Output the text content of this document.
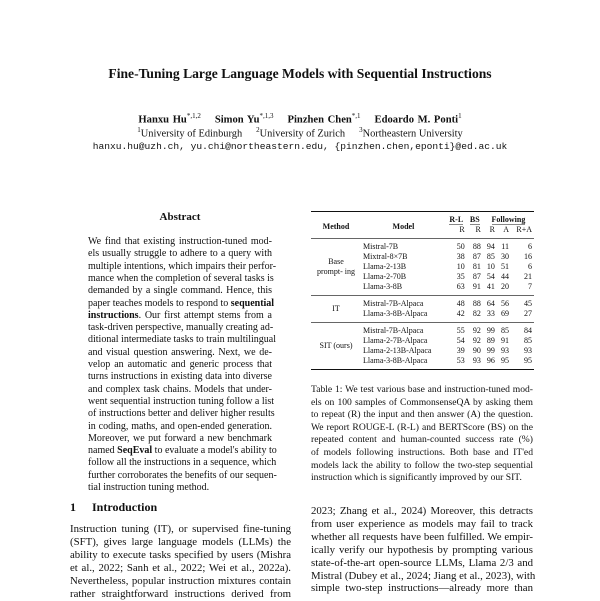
Fine-Tuning Large Language Models with Sequential Instructions
Hanxu $Hu^{*,1,2}$ Simon $Yu^{*,1,3}$ Pinzhen Chen$^{*,1}$ Edoardo M. Ponti$^1$
$^1$University of Edinburgh $^2$University of Zurich $^3$Northeastern University
hanxu.hu@uzh.ch, yu.chi@northeastern.edu, {pinzhen.chen,eponti}@ed.ac.uk
Abstract
We find that existing instruction-tuned mod-
els usually struggle to adhere to a query with
multiple intentions, which impairs their perfor-
mance when the completion of several tasks is
demanded by a single command. Hence, this
paper teaches models to respond to sequential
instructions. Our first attempt stems from a
task-driven perspective, manually creating ad-
ditional intermediate tasks to train multilingual
and visual question answering. Next, we de-
velop an automatic and generic process that
turns instructions in existing data into diverse
and complex task chains. Models that under-
went sequential instruction tuning follow a list
of instructions better and deliver higher results
in coding, maths, and open-ended generation.
Moreover, we put forward a new benchmark
named SeqEval to evaluate a model's ability to
follow all the instructions in a sequence, which
further corroborates the benefits of our sequen-
tial instruction tuning method.
1 Introduction
Instruction tuning (IT), or supervised fine-tuning
(SFT), gives large language models (LLMs) the
ability to execute tasks specified by users (Mishra
et al., 2022; Sanh et al., 2022; Wei et al., 2022a).
Nevertheless, popular instruction mixtures contain
rather straightforward instructions derived from
Method	Model	R-L	BS	Following		
		R	R	R	A	R+A
Base prompt- ing	Mistral-7B	50	88	94	11	6
	Mixtral-8×7B	38	87	85	30	16
	Llama-2-13B	10	81	10	51	6
	Llama-2-70B	35	87	54	44	21
	Llama-3-8B	63	91	41	20	7
IT	Mistral-7B-Alpaca	48	88	64	56	45
	Llama-3-8B-Alpaca	42	82	33	69	27
SIT (ours)	Mistral-7B-Alpaca	55	92	99	85	84
	Llama-2-7B-Alpaca	54	92	89	91	85
	Llama-2-13B-Alpaca	39	90	99	93	93
	Llama-3-8B-Alpaca	53	93	96	95	95

Table 1: We test various base and instruction-tuned mod-
els on 100 samples of CommonsenseQA by asking them
to repeat (R) the input and then answer (A) the question.
We report ROUGE-L (R-L) and BERTScore (BS) on the
repeated content and human-counted success rate (%)
of models following instructions. Both base and IT'ed
models lack the ability to follow the two-step sequential
instruction which is significantly improved by our SIT.
2023; Zhang et al., 2024) Moreover, this detracts
from user experience as models may fail to track
whether all requests have been fulfilled. We empir-
ically verify our hypothesis by prompting various
state-of-the-art open-source LLMs, Llama 2/3 and
Mistral (Dubey et al., 2024; Jiang et al., 2023), with
simple two-step instructions—already more than
